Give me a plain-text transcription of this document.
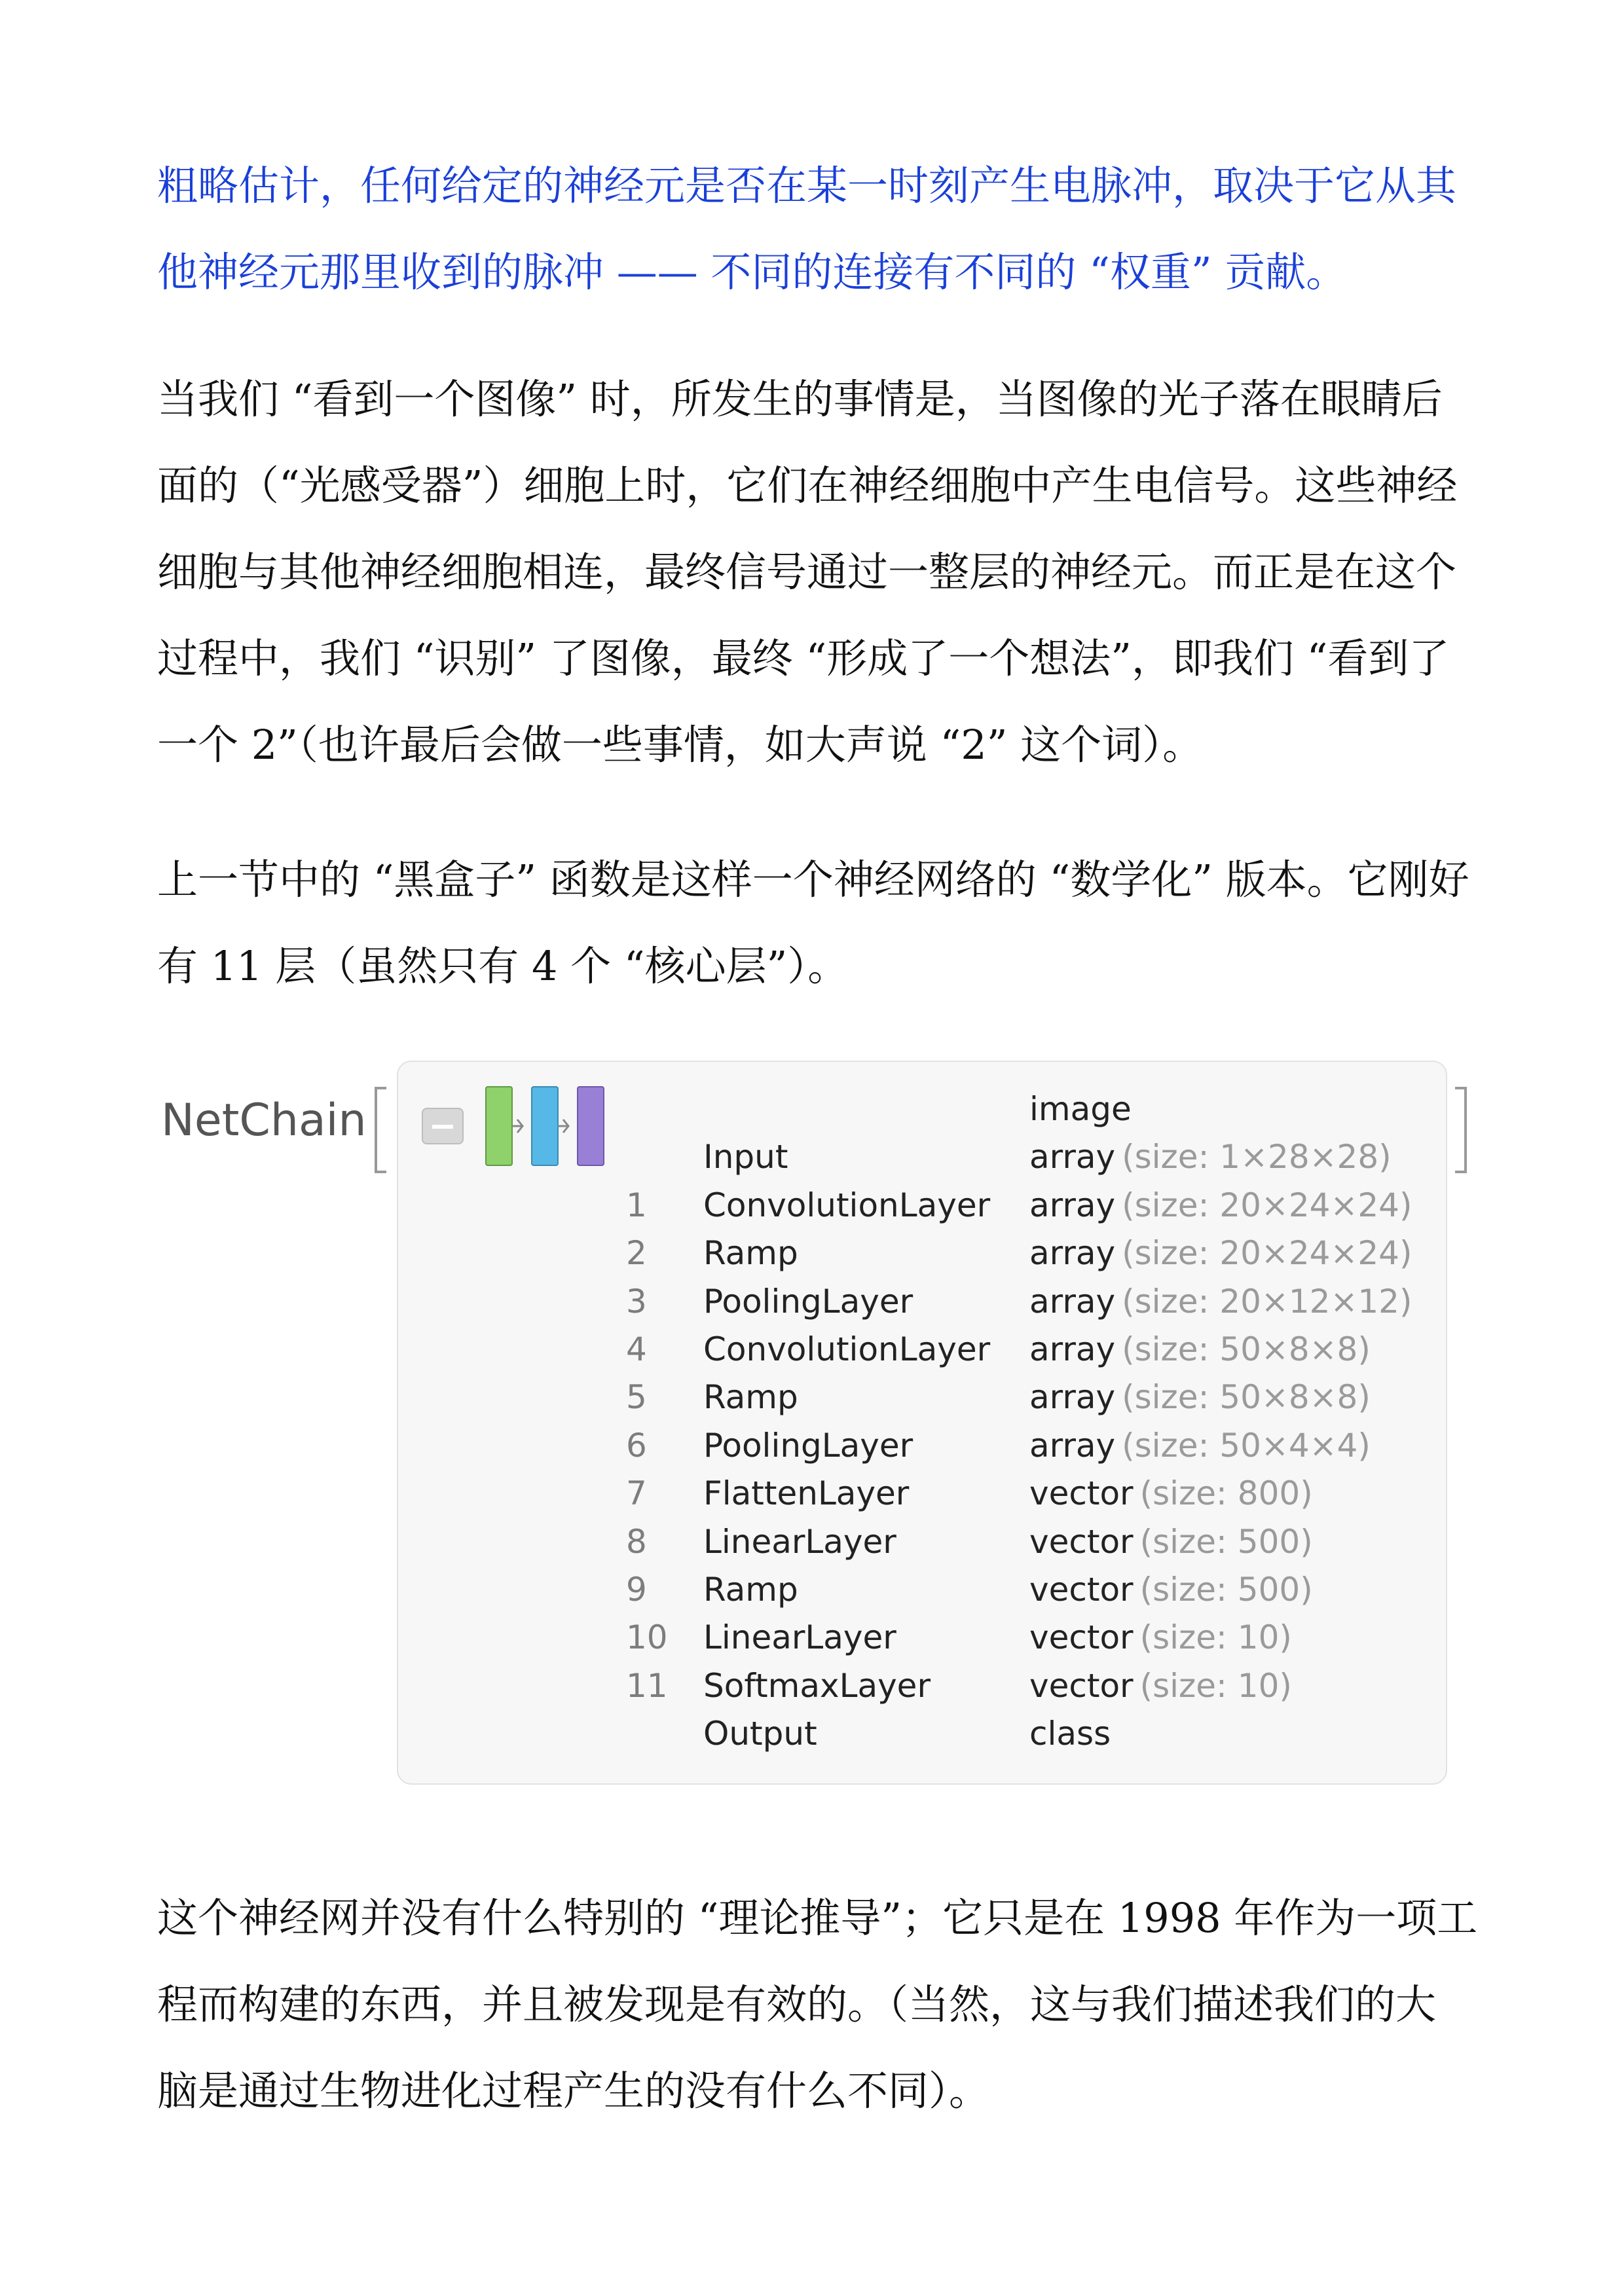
粗略估计，任何给定的神经元是否在某一时刻产生电脉冲，取决于它从其
他神经元那里收到的脉冲 —— 不同的连接有不同的 “权重” 贡献。

当我们 “看到一个图像” 时，所发生的事情是，当图像的光子落在眼睛后
面的（“光感受器”）细胞上时，它们在神经细胞中产生电信号。这些神经
细胞与其他神经细胞相连，最终信号通过一整层的神经元。而正是在这个
过程中，我们 “识别” 了图像，最终 “形成了一个想法”，即我们 “看到了
一个 2”（也许最后会做一些事情，如大声说 “2” 这个词）。

上一节中的 “黑盒子” 函数是这样一个神经网络的 “数学化” 版本。它刚好
有 11 层（虽然只有 4 个 “核心层”）。

NetChain	image
Input	array (size: 1×28×28)
1 ConvolutionLayer array (size: 20×24×24)
2 Ramp	array (size: 20×24×24)
3 PoolingLayer	array (size: 20×12×12)
4 ConvolutionLayer array (size: 50×8×8)
5 Ramp	array (size: 50×8×8)
6 PoolingLayer	array (size: 50×4×4)
7 FlattenLayer	vector (size: 800)
8 LinearLayer	vector (size: 500)
9 Ramp	vector (size: 500)
10 LinearLayer	vector (size: 10)
11 SoftmaxLayer	vector (size: 10)
Output	class

这个神经网并没有什么特别的 “理论推导”；它只是在 1998 年作为一项工
程而构建的东西，并且被发现是有效的。（当然，这与我们描述我们的大
脑是通过生物进化过程产生的没有什么不同）。
